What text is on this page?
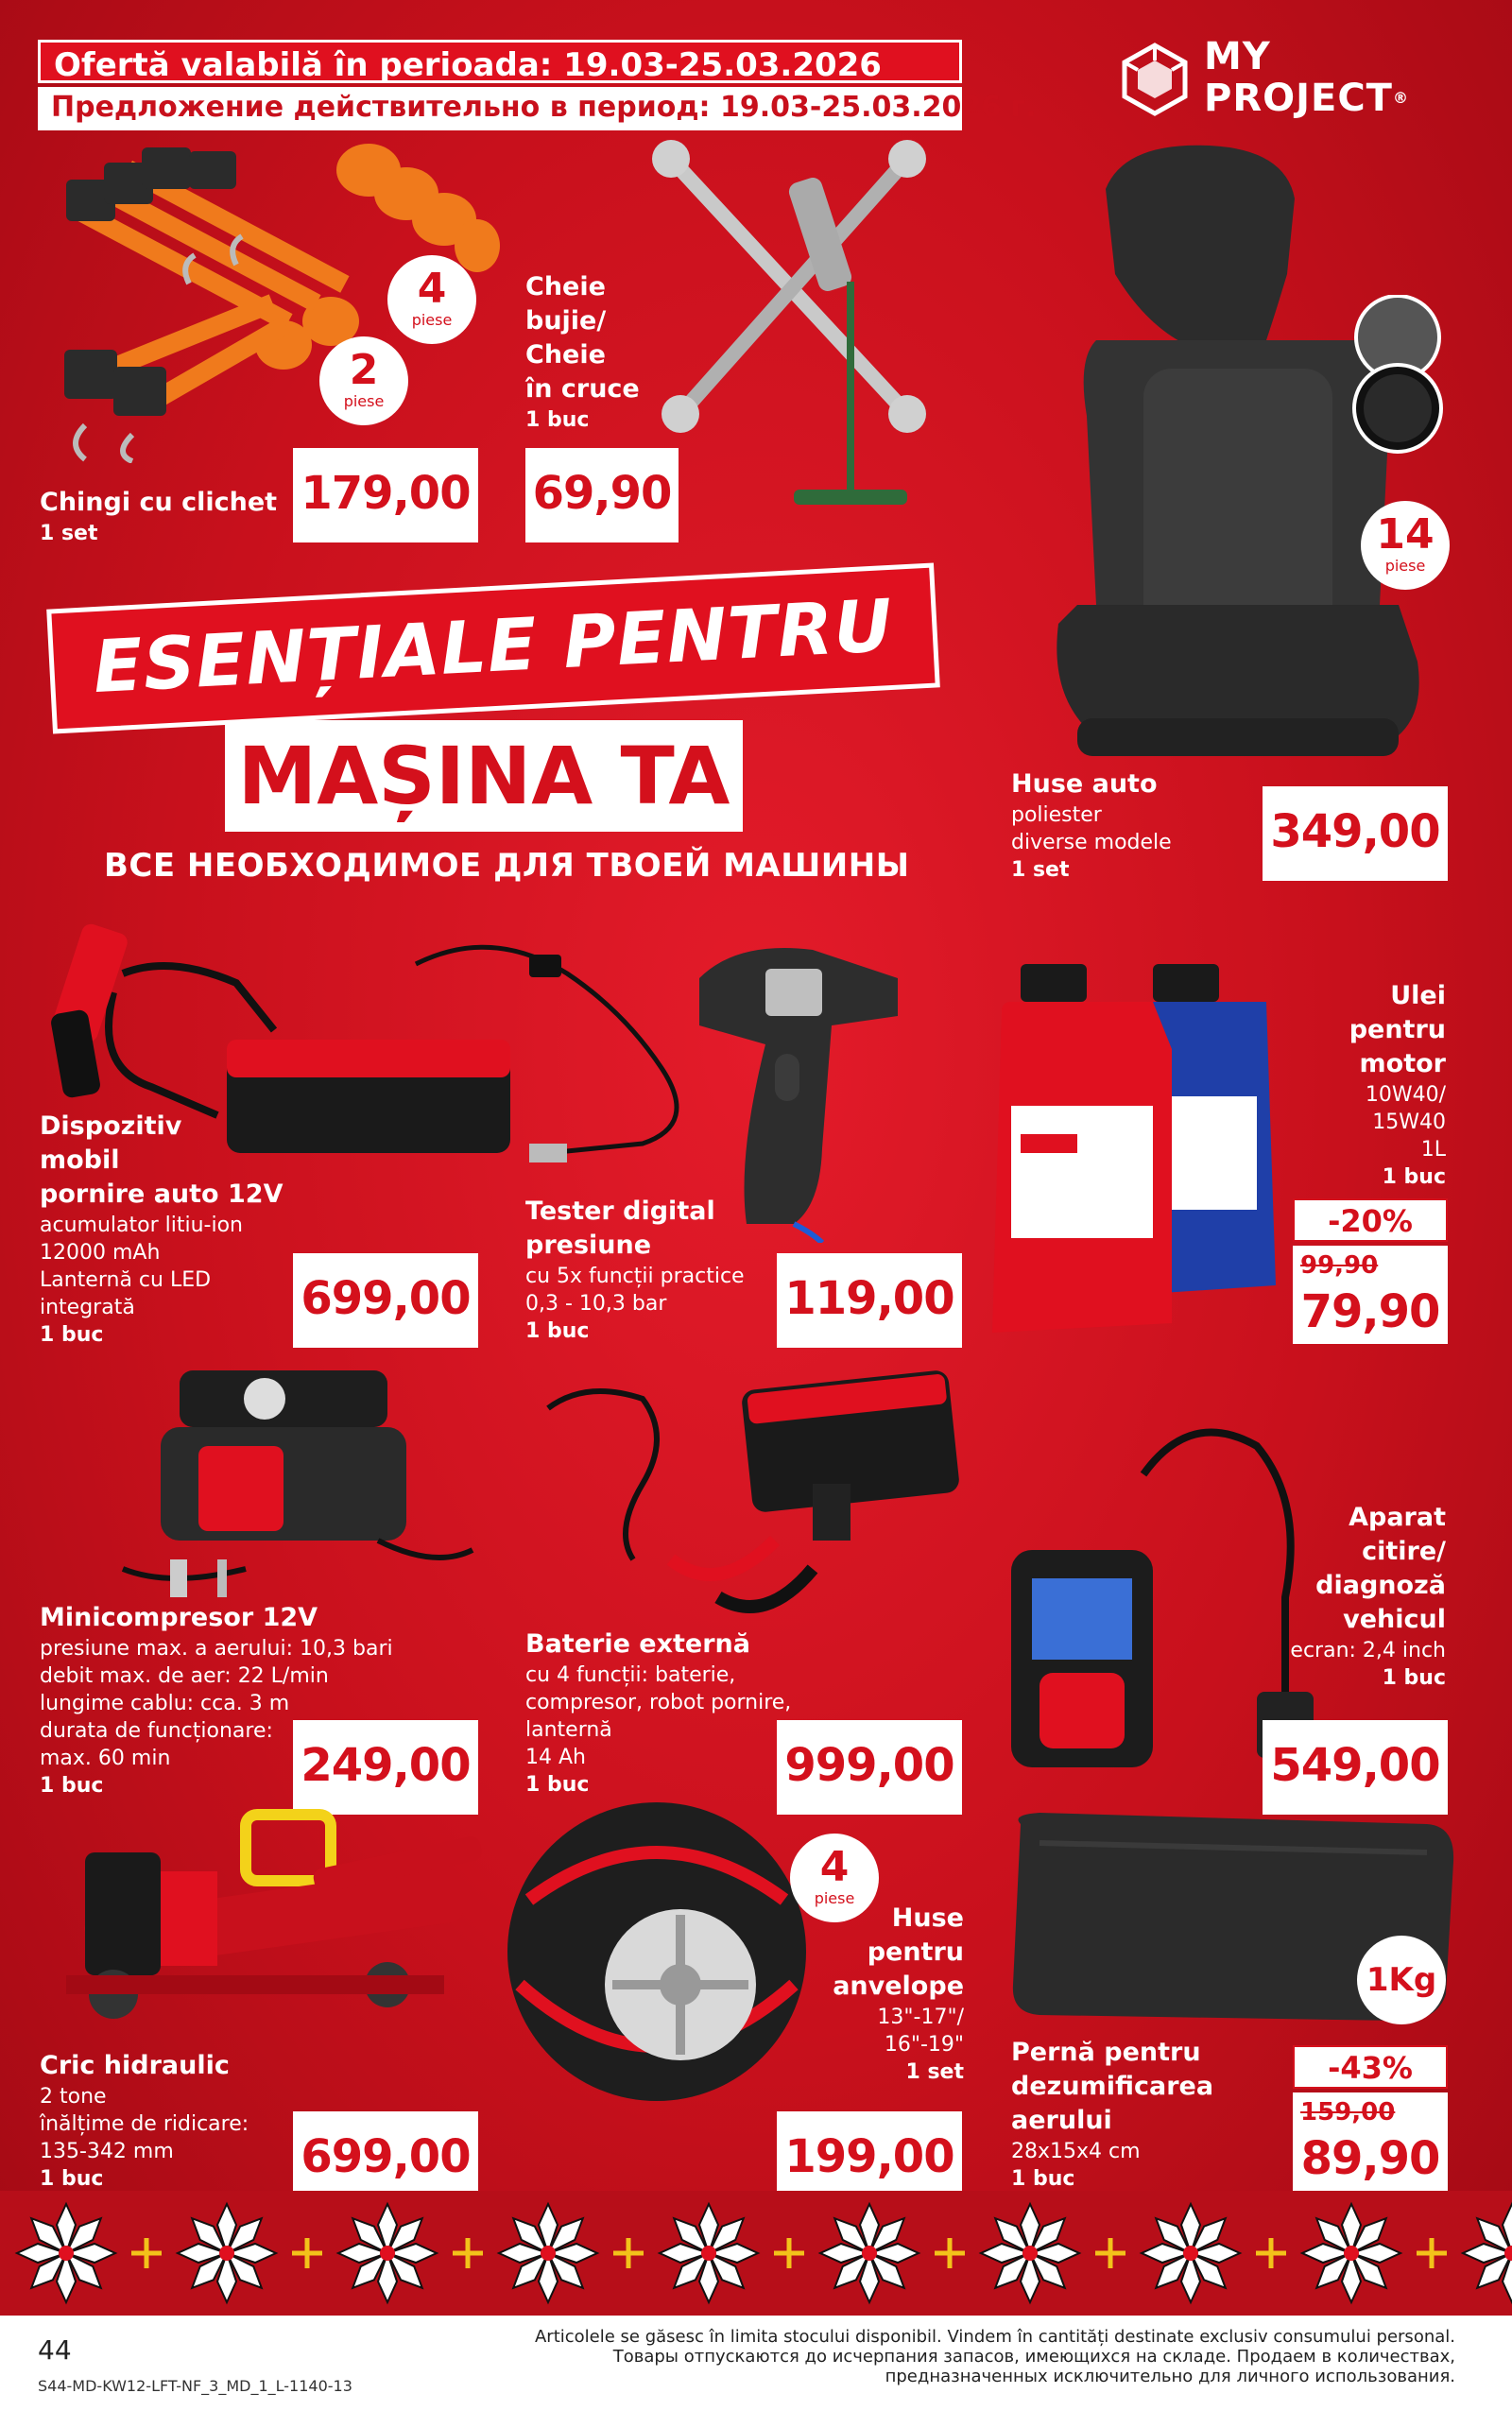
Ofertă valabilă în perioada: 19.03-25.03.2026
Предложение действительно в период: 19.03-25.03.2026 г.
MY
PROJECT®
4
piese
2
piese
Chingi cu clichet
1 set
179,00
Cheie
bujie/
Cheie
în cruce
1 buc
69,90
14
piese
Huse auto
poliester
diverse modele
1 set
349,00
ESENȚIALE PENTRU
MAȘINA TA
ВСЕ НЕОБХОДИМОЕ ДЛЯ ТВОЕЙ МАШИНЫ
Dispozitiv
mobil
pornire auto 12V
acumulator litiu-ion
12000 mAh
Lanternă cu LED
integrată
1 buc
699,00
Tester digital
presiune
cu 5x funcții practice
0,3 - 10,3 bar
1 buc
119,00
Ulei
pentru
motor
10W40/
15W40
1L
1 buc
-20%
99,90
79,90
Minicompresor 12V
presiune max. a aerului: 10,3 bari
debit max. de aer: 22 L/min
lungime cablu: cca. 3 m
durata de funcționare:
max. 60 min
1 buc	249,00
Baterie externă
cu 4 funcții: baterie,
compresor, robot pornire,
lanternă
14 Ah
1 buc	999,00
Aparat
citire/
diagnoză
vehicul
ecran: 2,4 inch
1 buc
549,00
Cric hidraulic
2 tone
înălțime de ridicare:
135-342 mm
1 buc	699,00
4
piese
Huse
pentru
anvelope
13"-17"/
16"-19"
1 set
199,00
1Kg
Pernă pentru
dezumificarea
aerului
28x15x4 cm
1 buc
-43%
159,00
89,90
44
S44-MD-KW12-LFT-NF_3_MD_1_L-1140-13
Articolele se găsesc în limita stocului disponibil. Vindem în cantități destinate exclusiv consumului personal.
Товары отпускаются до исчерпания запасов, имеющихся на складе. Продаем в количествах,
предназначенных исключительно для личного использования.
